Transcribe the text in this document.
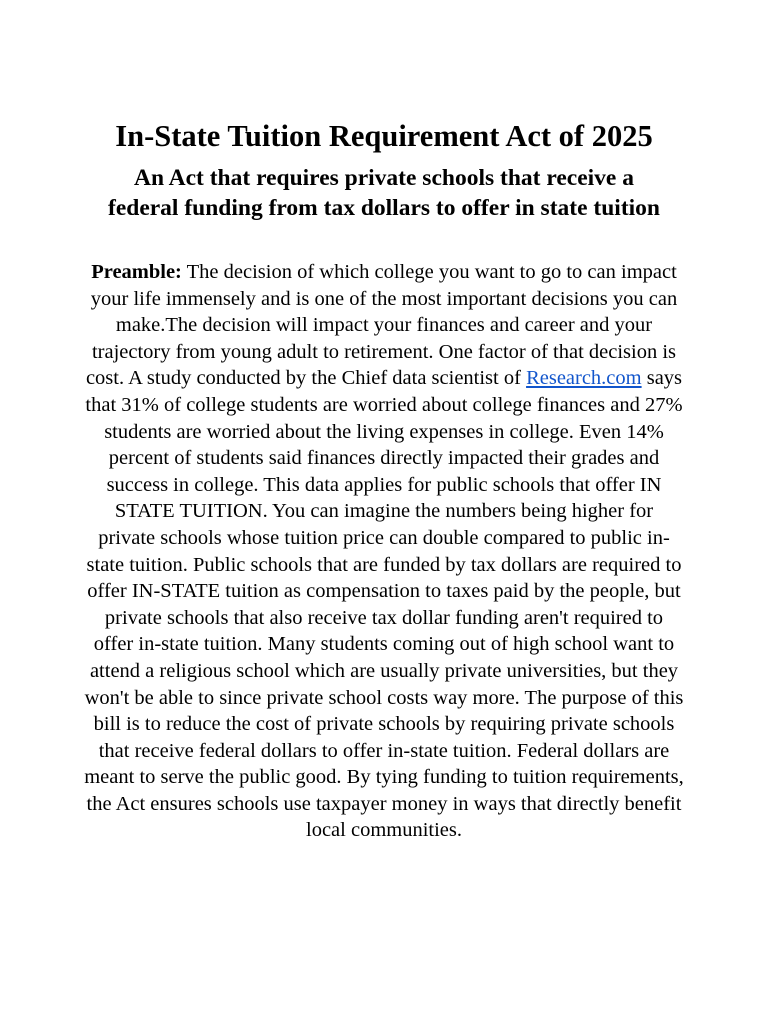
In-State Tuition Requirement Act of 2025
An Act that requires private schools that receive a federal funding from tax dollars to offer in state tuition

Preamble: The decision of which college you want to go to can impact your life immensely and is one of the most important decisions you can make.The decision will impact your finances and career and your trajectory from young adult to retirement. One factor of that decision is cost. A study conducted by the Chief data scientist of Research.com says that 31% of college students are worried about college finances and 27% students are worried about the living expenses in college. Even 14% percent of students said finances directly impacted their grades and success in college. This data applies for public schools that offer IN STATE TUITION. You can imagine the numbers being higher for private schools whose tuition price can double compared to public in-state tuition. Public schools that are funded by tax dollars are required to offer IN-STATE tuition as compensation to taxes paid by the people, but private schools that also receive tax dollar funding aren't required to offer in-state tuition. Many students coming out of high school want to attend a religious school which are usually private universities, but they won't be able to since private school costs way more. The purpose of this bill is to reduce the cost of private schools by requiring private schools that receive federal dollars to offer in-state tuition. Federal dollars are meant to serve the public good. By tying funding to tuition requirements, the Act ensures schools use taxpayer money in ways that directly benefit local communities.
